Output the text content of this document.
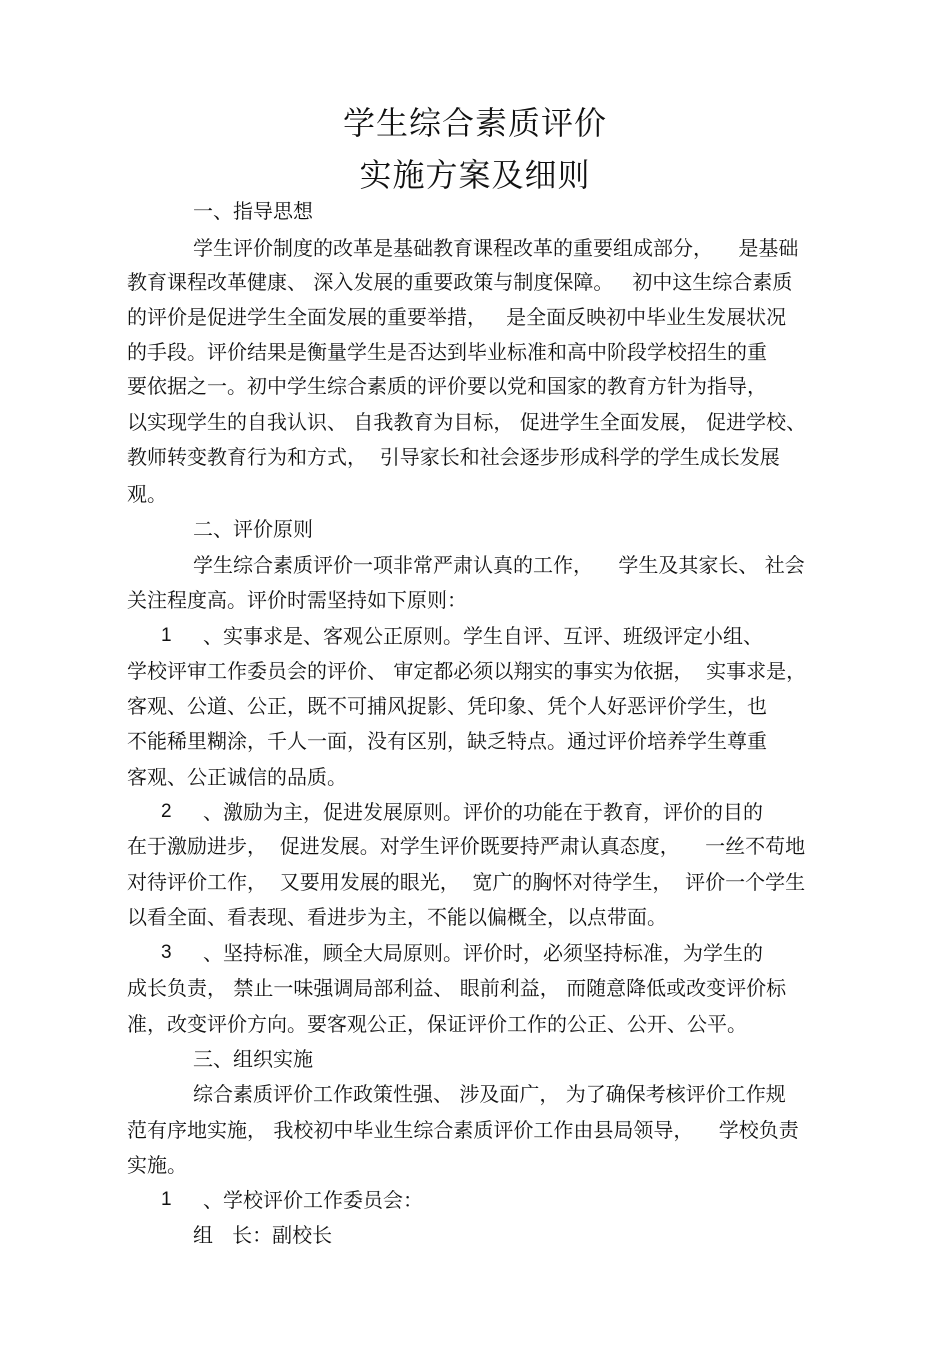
学生综合素质评价
实施方案及细则
一、指导思想
学生评价制度的改革是基础教育课程改革的重要组成部分，    是基础
教育课程改革健康、 深入发展的重要政策与制度保障。   初中这生综合素质
的评价是促进学生全面发展的重要举措，   是全面反映初中毕业生发展状况
的手段。评价结果是衡量学生是否达到毕业标准和高中阶段学校招生的重
要依据之一。初中学生综合素质的评价要以党和国家的教育方针为指导，
以实现学生的自我认识、 自我教育为目标， 促进学生全面发展， 促进学校、
教师转变教育行为和方式，  引导家长和社会逐步形成科学的学生成长发展
观。
二、评价原则
学生综合素质评价一项非常严肃认真的工作，    学生及其家长、 社会
关注程度高。评价时需坚持如下原则：
1 、实事求是、客观公正原则。学生自评、互评、班级评定小组、
学校评审工作委员会的评价、 审定都必须以翔实的事实为依据，  实事求是，
客观、公道、公正，既不可捕风捉影、凭印象、凭个人好恶评价学生，也
不能稀里糊涂，千人一面，没有区别，缺乏特点。通过评价培养学生尊重
客观、公正诚信的品质。
2 、激励为主，促进发展原则。评价的功能在于教育，评价的目的
在于激励进步，  促进发展。对学生评价既要持严肃认真态度，    一丝不苟地
对待评价工作，  又要用发展的眼光，  宽广的胸怀对待学生，  评价一个学生
以看全面、看表现、看进步为主，不能以偏概全，以点带面。
3 、坚持标准，顾全大局原则。评价时，必须坚持标准，为学生的
成长负责， 禁止一味强调局部利益、 眼前利益， 而随意降低或改变评价标
准，改变评价方向。要客观公正，保证评价工作的公正、公开、公平。
三、组织实施
综合素质评价工作政策性强、 涉及面广， 为了确保考核评价工作规
范有序地实施， 我校初中毕业生综合素质评价工作由县局领导，    学校负责
实施。
1 、学校评价工作委员会：
组   长：副校长
